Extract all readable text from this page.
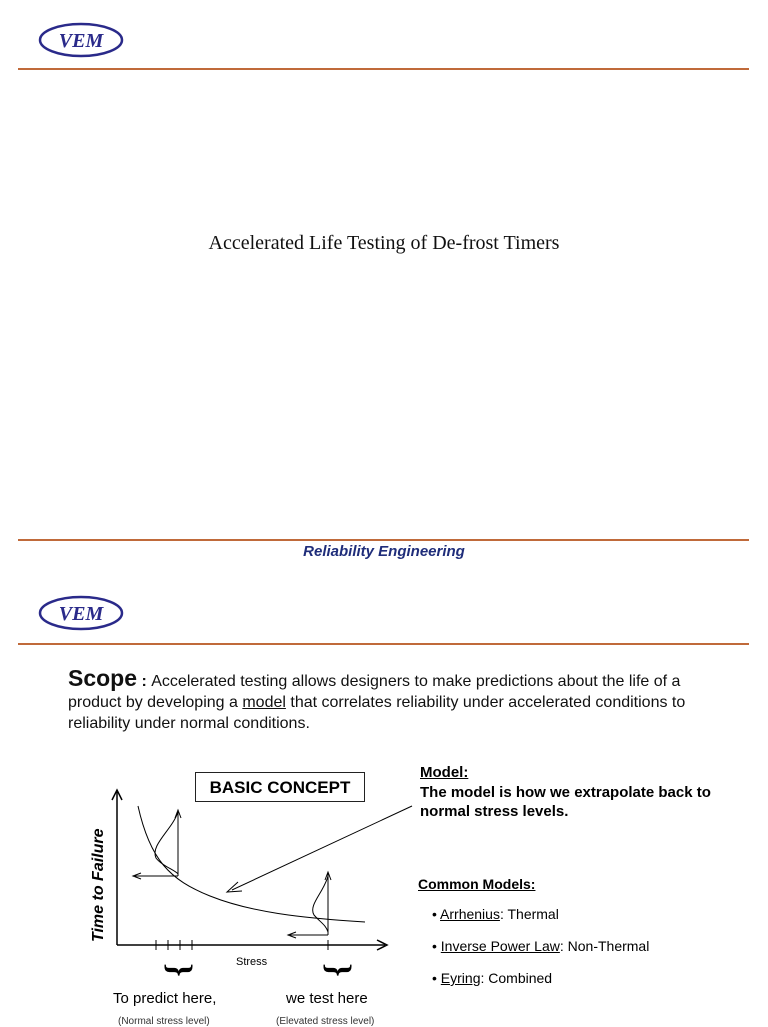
VEM
Accelerated Life Testing of De-frost Timers
Reliability Engineering
VEM
Scope : Accelerated testing allows designers to make predictions about the life of a product by developing a model that correlates reliability under accelerated conditions to reliability under normal conditions.
{	{
BASIC CONCEPT
Time to Failure
Stress
To predict here,	we test here
(Normal stress level)	(Elevated stress level)
Model:
The model is how we extrapolate back to normal stress levels.
Common Models:
• Arrhenius: Thermal
• Inverse Power Law: Non-Thermal
• Eyring: Combined
